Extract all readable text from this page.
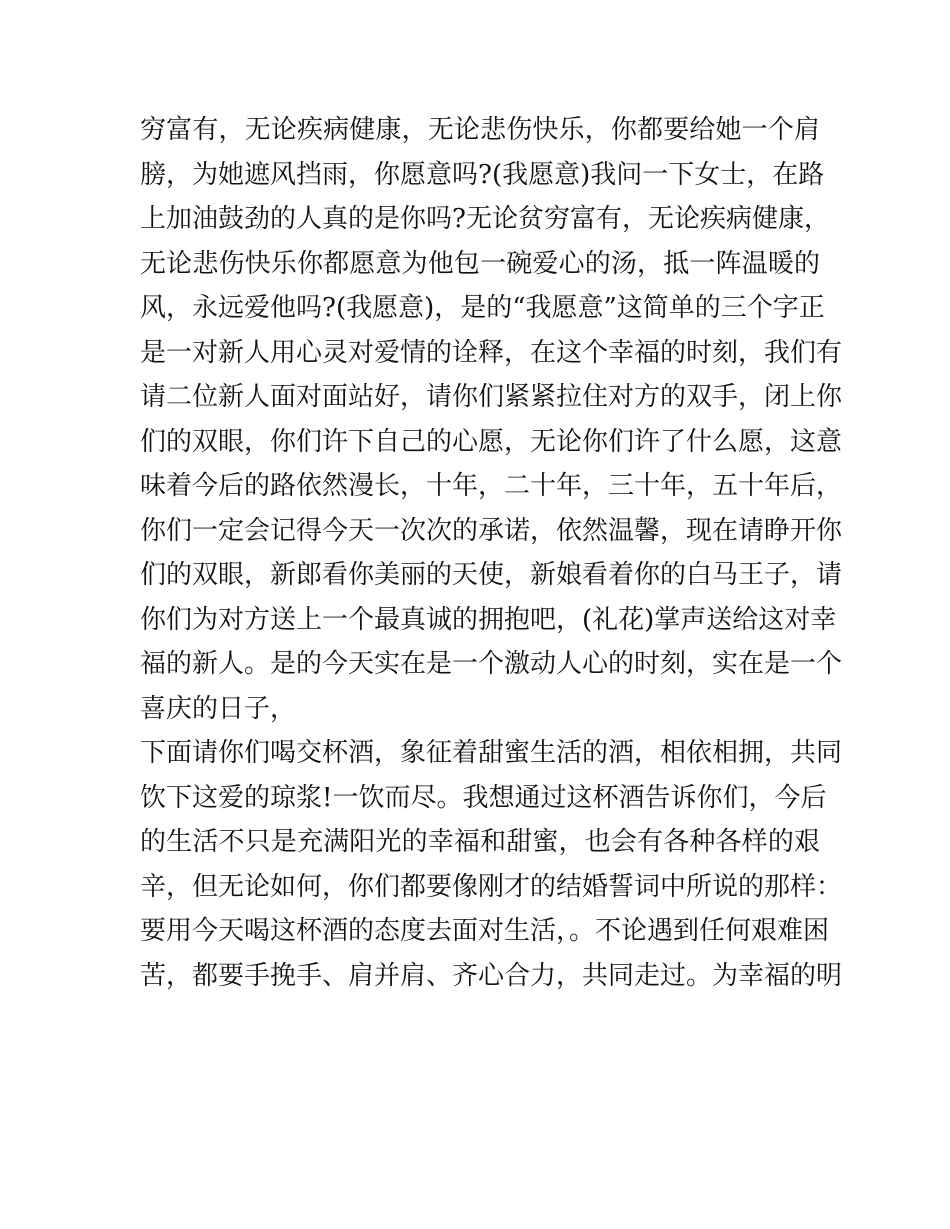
穷富有，无论疾病健康，无论悲伤快乐，你都要给她一个肩
膀，为她遮风挡雨，你愿意吗?(我愿意)我问一下女士，在路
上加油鼓劲的人真的是你吗?无论贫穷富有，无论疾病健康，
无论悲伤快乐你都愿意为他包一碗爱心的汤，抵一阵温暖的
风，永远爱他吗?(我愿意)，是的“我愿意”这简单的三个字正
是一对新人用心灵对爱情的诠释，在这个幸福的时刻，我们有
请二位新人面对面站好，请你们紧紧拉住对方的双手，闭上你
们的双眼，你们许下自己的心愿，无论你们许了什么愿，这意
味着今后的路依然漫长，十年，二十年，三十年，五十年后，
你们一定会记得今天一次次的承诺，依然温馨，现在请睁开你
们的双眼，新郎看你美丽的天使，新娘看着你的白马王子，请
你们为对方送上一个最真诚的拥抱吧，(礼花)掌声送给这对幸
福的新人。是的今天实在是一个激动人心的时刻，实在是一个
喜庆的日子，
下面请你们喝交杯酒，象征着甜蜜生活的酒，相依相拥，共同
饮下这爱的琼浆!一饮而尽。我想通过这杯酒告诉你们，今后
的生活不只是充满阳光的幸福和甜蜜，也会有各种各样的艰
辛，但无论如何，你们都要像刚才的结婚誓词中所说的那样：
要用今天喝这杯酒的态度去面对生活，。不论遇到任何艰难困
苦，都要手挽手、肩并肩、齐心合力，共同走过。为幸福的明
